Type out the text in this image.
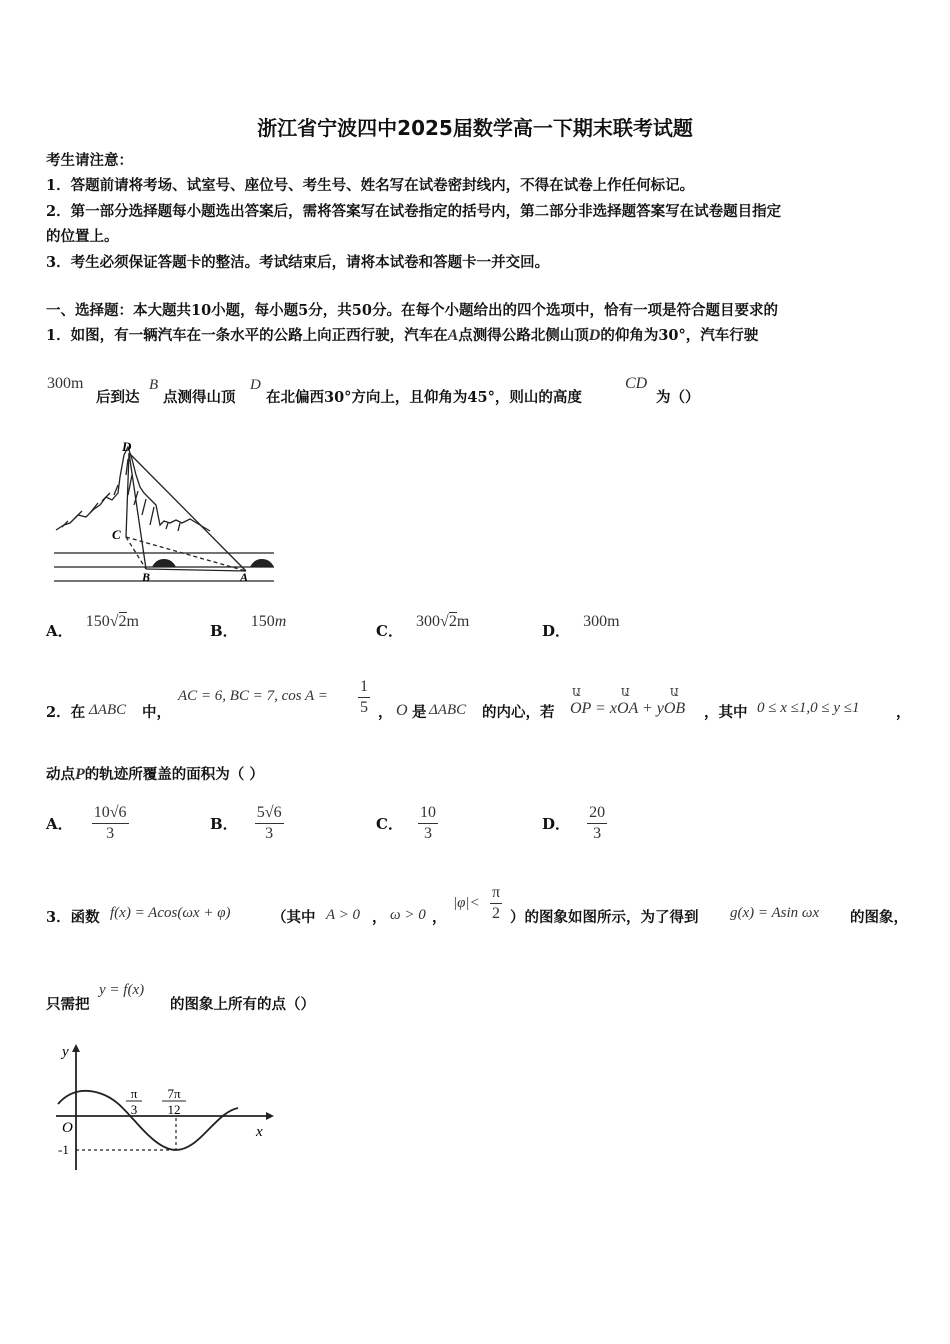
浙江省宁波四中2025届数学高一下期末联考试题
考生请注意：
1．答题前请将考场、试室号、座位号、考生号、姓名写在试卷密封线内，不得在试卷上作任何标记。
2．第一部分选择题每小题选出答案后，需将答案写在试卷指定的括号内，第二部分非选择题答案写在试卷题目指定
的位置上。
3．考生必须保证答题卡的整洁。考试结束后，请将本试卷和答题卡一并交回。
一、选择题：本大题共10小题，每小题5分，共50分。在每个小题给出的四个选项中，恰有一项是符合题目要求的
1．如图，有一辆汽车在一条水平的公路上向正西行驶，汽车在A点测得公路北侧山顶D的仰角为30°，汽车行驶
300m
后到达
B
点测得山顶
D
在北偏西30°方向上，且仰角为45°，则山的高度
CD
为（）
D
C
B	A
A． 150√2m
B． 150m
C． 300√2m
D． 300m
2．在 ΔABC 中，
AC = 6, BC = 7, $\cos A = \frac{1}{5}$ ， O 是 ΔABC 的内心，若
ԱԱԱ
OP = xOA + yOB ，其中 0 ≤ x ≤1,0 ≤ y ≤1	，
动点P的轨迹所覆盖的面积为（ ）
A． $\frac{10√6}{3}$	B． $\frac{5√6}{3}$	C． $\frac{10}{3}$	D． $\frac{20}{3}$
3．函数 f(x) = Acos(ωx + φ)	（其中 A > 0 ， ω > 0 ，
$|\varphi|< \frac{\pi}{2}$ ）的图象如图所示，为了得到 g(x) = Asin ωx 的图象，
只需把
y = f(x)
的图象上所有的点（）
y
x
O
-1
π
3
7π
12
